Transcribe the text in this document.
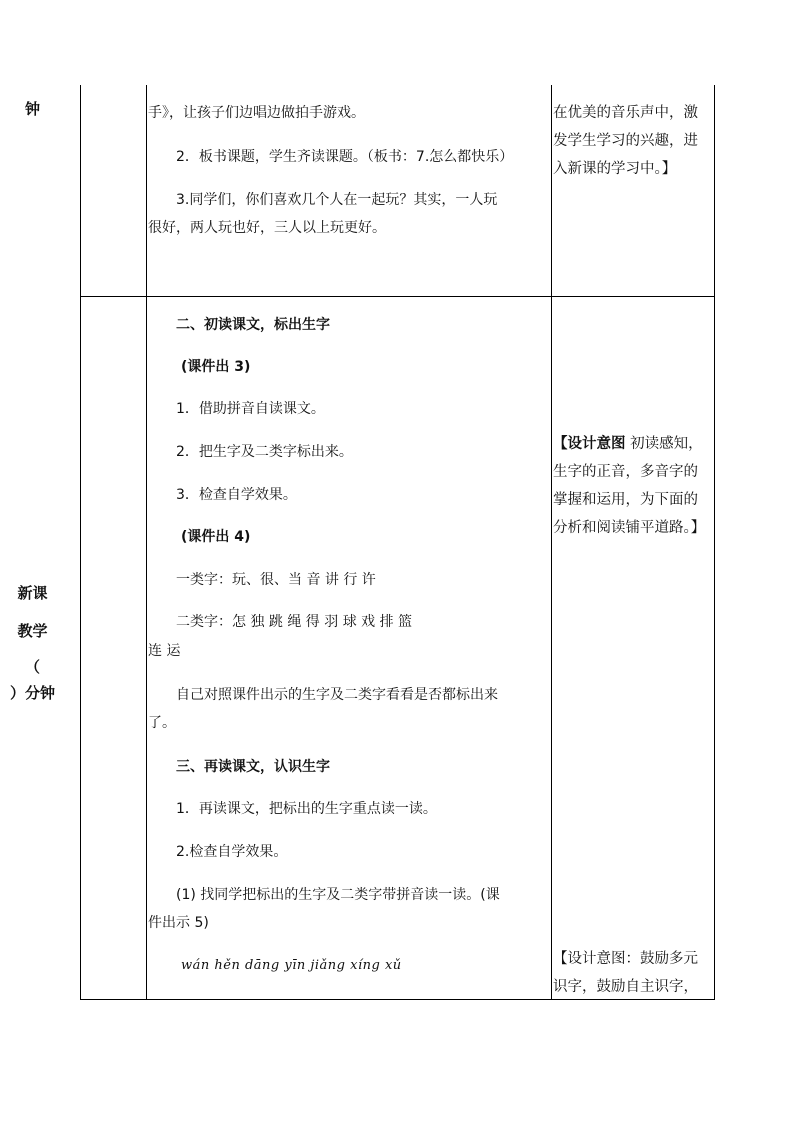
钟	手》，让孩子们边唱边做拍手游戏。
2．板书课题，学生齐读课题。（板书：7.怎么都快乐）
3.同学们，你们喜欢几个人在一起玩？其实，一人玩
很好，两人玩也好，三人以上玩更好。
在优美的音乐声中，激
发学生学习的兴趣，进
入新课的学习中。】
新课
教学
（
）分钟
二、初读课文，标出生字
(课件出 3)
1．借助拼音自读课文。
2．把生字及二类字标出来。
3．检查自学效果。
(课件出 4)
一类字：玩、很、当 音 讲 行 许
二类字：怎 独 跳 绳 得 羽 球 戏 排 篮
连 运
自己对照课件出示的生字及二类字看看是否都标出来
了。
三、再读课文，认识生字
1．再读课文，把标出的生字重点读一读。
2.检查自学效果。
(1) 找同学把标出的生字及二类字带拼音读一读。(课
件出示 5)
wán hěn dāng yīn jiǎng xíng xǔ
【设计意图 初读感知，
生字的正音，多音字的
掌握和运用，为下面的
分析和阅读铺平道路。】
【设计意图：鼓励多元
识字，鼓励自主识字，
